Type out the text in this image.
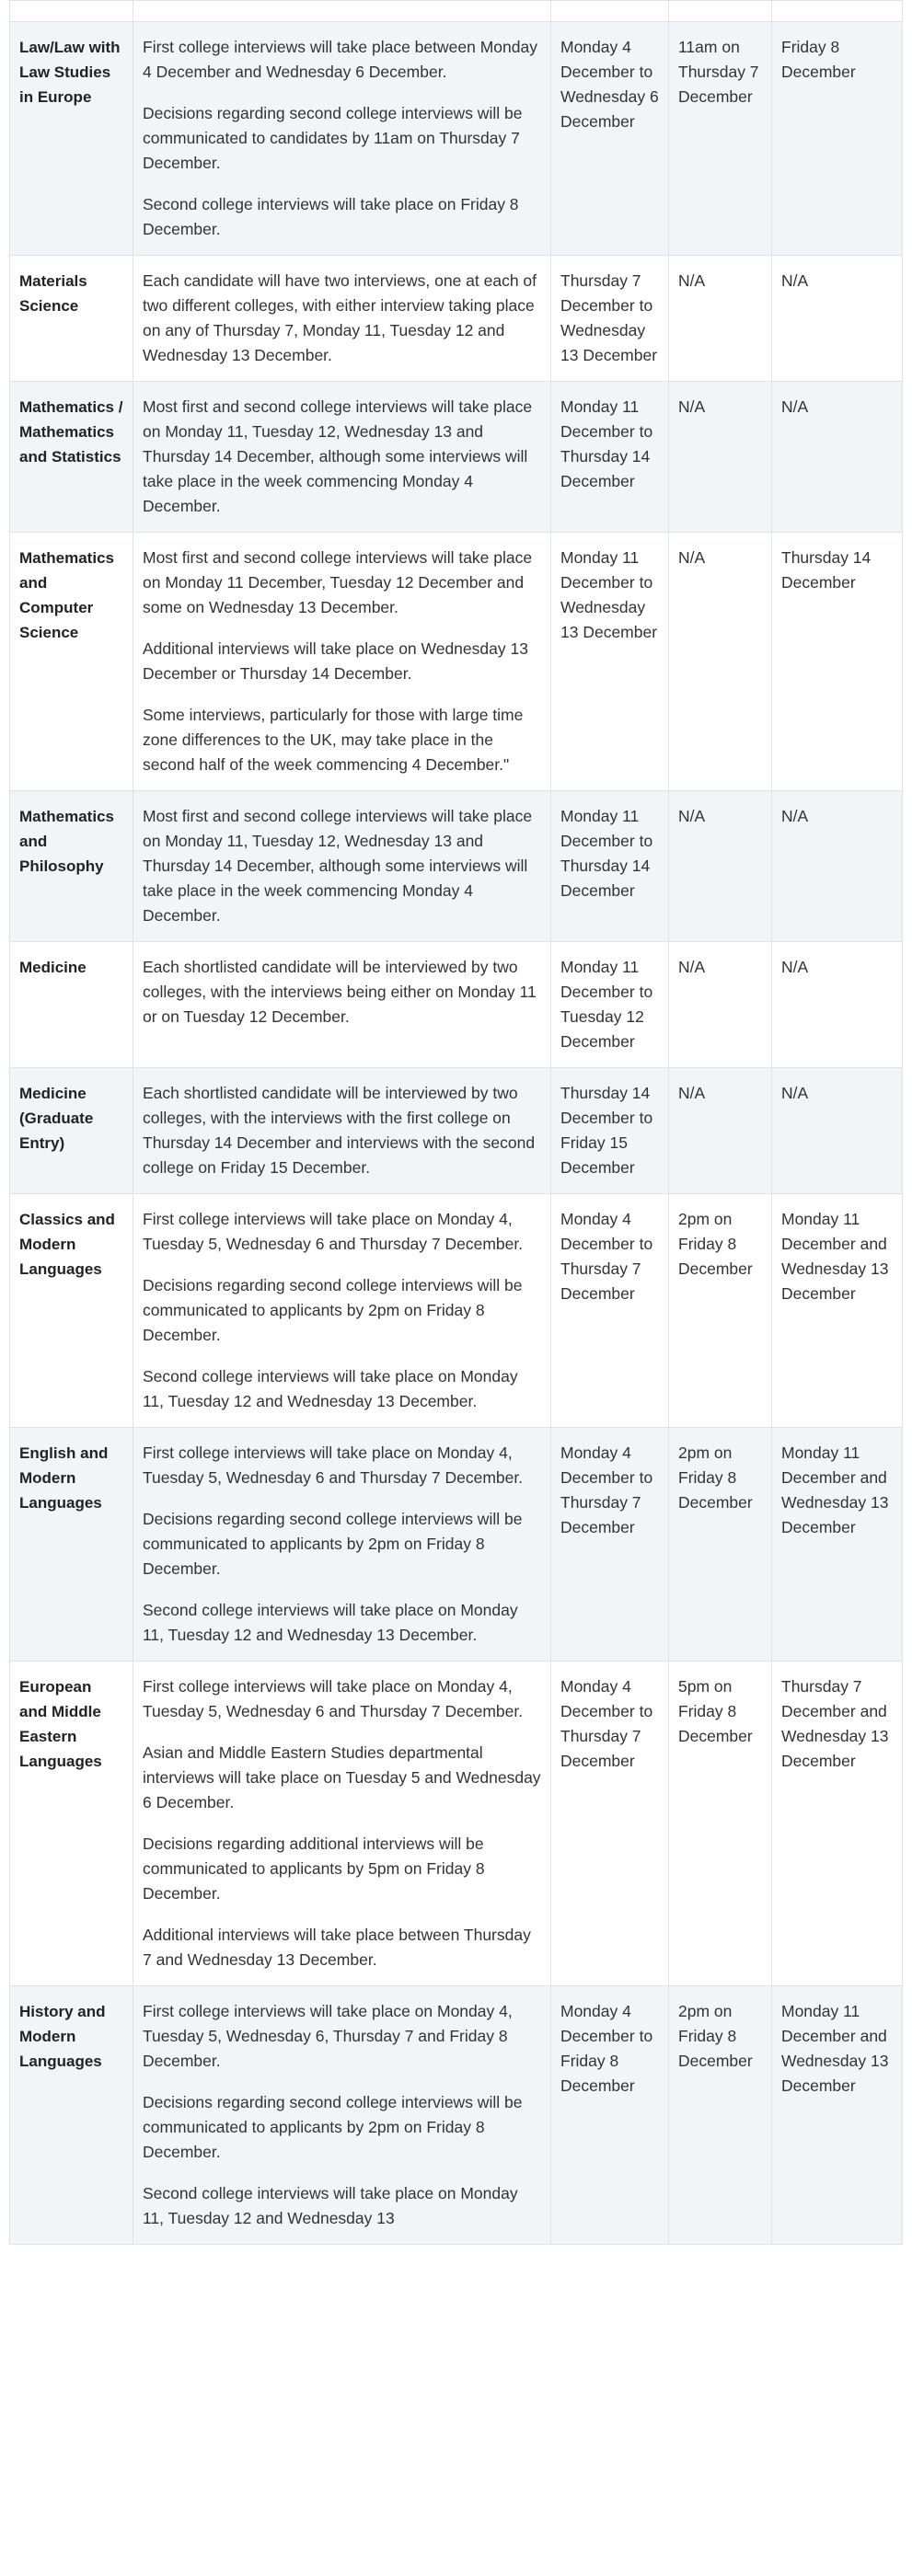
Law/Law with Law Studies in Europe	First college interviews will take place between Monday 4 December and Wednesday 6 December.

Decisions regarding second college interviews will be communicated to candidates by 11am on Thursday 7 December.

Second college interviews will take place on Friday 8 December.	Monday 4 December to Wednesday 6 December	11am on Thursday 7 December	Friday 8 December
Materials Science	Each candidate will have two interviews, one at each of two different colleges, with either interview taking place on any of Thursday 7, Monday 11, Tuesday 12 and Wednesday 13 December.	Thursday 7 December to Wednesday 13 December	N/A	N/A
Mathematics / Mathematics and Statistics	Most first and second college interviews will take place on Monday 11, Tuesday 12, Wednesday 13 and Thursday 14 December, although some interviews will take place in the week commencing Monday 4 December.	Monday 11 December to Thursday 14 December	N/A	N/A
Mathematics and Computer Science	Most first and second college interviews will take place on Monday 11 December, Tuesday 12 December and some on Wednesday 13 December.

Additional interviews will take place on Wednesday 13 December or Thursday 14 December.

Some interviews, particularly for those with large time zone differences to the UK, may take place in the second half of the week commencing 4 December."	Monday 11 December to Wednesday 13 December	N/A	Thursday 14 December
Mathematics and Philosophy	Most first and second college interviews will take place on Monday 11, Tuesday 12, Wednesday 13 and Thursday 14 December, although some interviews will take place in the week commencing Monday 4 December.	Monday 11 December to Thursday 14 December	N/A	N/A
Medicine	Each shortlisted candidate will be interviewed by two colleges, with the interviews being either on Monday 11 or on Tuesday 12 December.	Monday 11 December to Tuesday 12 December	N/A	N/A
Medicine (Graduate Entry)	Each shortlisted candidate will be interviewed by two colleges, with the interviews with the first college on Thursday 14 December and interviews with the second college on Friday 15 December.	Thursday 14 December to Friday 15 December	N/A	N/A
Classics and Modern Languages	First college interviews will take place on Monday 4, Tuesday 5, Wednesday 6 and Thursday 7 December.

Decisions regarding second college interviews will be communicated to applicants by 2pm on Friday 8 December.

Second college interviews will take place on Monday 11, Tuesday 12 and Wednesday 13 December.	Monday 4 December to Thursday 7 December	2pm on Friday 8 December	Monday 11 December and Wednesday 13 December
English and Modern Languages	First college interviews will take place on Monday 4, Tuesday 5, Wednesday 6 and Thursday 7 December.

Decisions regarding second college interviews will be communicated to applicants by 2pm on Friday 8 December.

Second college interviews will take place on Monday 11, Tuesday 12 and Wednesday 13 December.	Monday 4 December to Thursday 7 December	2pm on Friday 8 December	Monday 11 December and Wednesday 13 December
European and Middle Eastern Languages	First college interviews will take place on Monday 4, Tuesday 5, Wednesday 6 and Thursday 7 December.

Asian and Middle Eastern Studies departmental interviews will take place on Tuesday 5 and Wednesday 6 December.

Decisions regarding additional interviews will be communicated to applicants by 5pm on Friday 8 December.

Additional interviews will take place between Thursday 7 and Wednesday 13 December.	Monday 4 December to Thursday 7 December	5pm on Friday 8 December	Thursday 7 December and Wednesday 13 December
History and Modern Languages	First college interviews will take place on Monday 4, Tuesday 5, Wednesday 6, Thursday 7 and Friday 8 December.

Decisions regarding second college interviews will be communicated to applicants by 2pm on Friday 8 December.

Second college interviews will take place on Monday 11, Tuesday 12 and Wednesday 13	Monday 4 December to Friday 8 December	2pm on Friday 8 December	Monday 11 December and Wednesday 13 December
